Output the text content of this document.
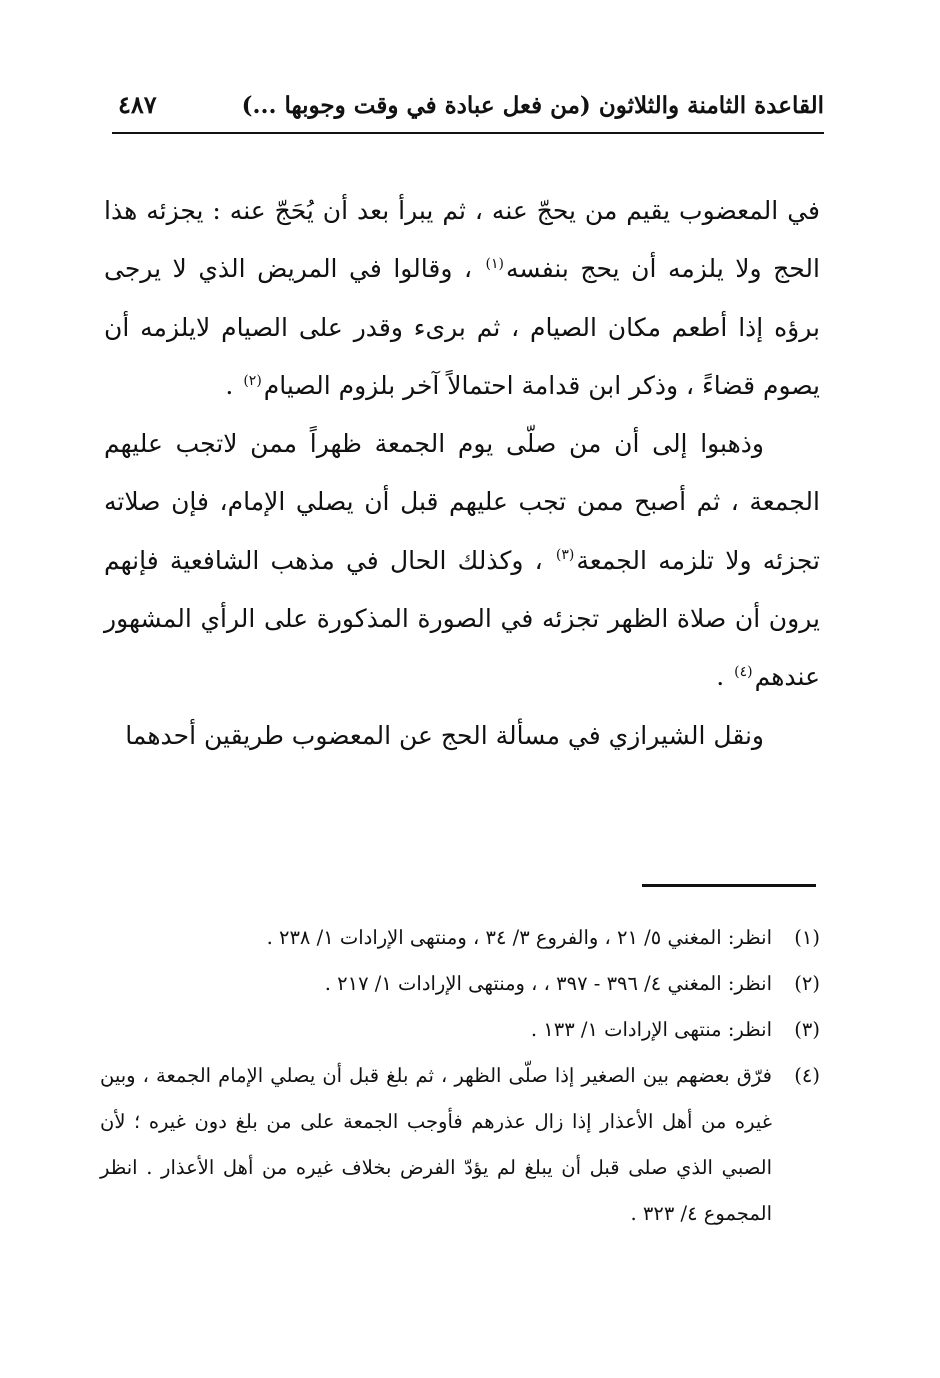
القاعدة الثامنة والثلاثون (من فعل عبادة في وقت وجوبها ...)
٤٨٧

في المعضوب يقيم من يحجّ عنه ، ثم يبرأ بعد أن يُحَجّ عنه : يجزئه هذا الحج ولا يلزمه أن يحج بنفسه$^{(١)}$ ، وقالوا في المريض الذي لا يرجى برؤه إذا أطعم مكان الصيام ، ثم برىء وقدر على الصيام لايلزمه أن يصوم قضاءً ، وذكر ابن قدامة احتمالاً آخر بلزوم الصيام$^{(٢)}$ .

وذهبوا إلى أن من صلّى يوم الجمعة ظهراً ممن لاتجب عليهم الجمعة ، ثم أصبح ممن تجب عليهم قبل أن يصلي الإمام، فإن صلاته تجزئه ولا تلزمه الجمعة$^{(٣)}$ ، وكذلك الحال في مذهب الشافعية فإنهم يرون أن صلاة الظهر تجزئه في الصورة المذكورة على الرأي المشهور عندهم$^{(٤)}$ .

ونقل الشيرازي في مسألة الحج عن المعضوب طريقين أحدهما

(١)
انظر: المغني ٥/ ٢١ ، والفروع ٣/ ٣٤ ، ومنتهى الإرادات ١/ ٢٣٨ .
(٢)
انظر: المغني ٤/ ٣٩٦ - ٣٩٧ ، ، ومنتهى الإرادات ١/ ٢١٧ .
(٣)
انظر: منتهى الإرادات ١/ ١٣٣ .
(٤)
فرّق بعضهم بين الصغير إذا صلّى الظهر ، ثم بلغ قبل أن يصلي الإمام الجمعة ، وبين غيره من أهل الأعذار إذا زال عذرهم فأوجب الجمعة على من بلغ دون غيره ؛ لأن الصبي الذي صلى قبل أن يبلغ لم يؤدّ الفرض بخلاف غيره من أهل الأعذار . انظر المجموع ٤/ ٣٢٣ .
